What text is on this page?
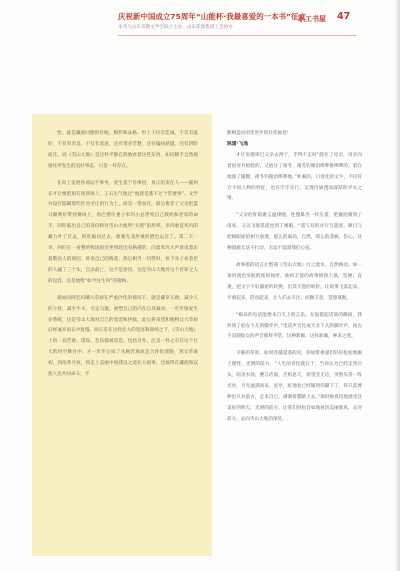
庆祝新中国成立75周年“山能杯·我最喜爱的一本书”征文
本刊与山东省散文学会联合主办，山东能源集团工会协办
职工书屋 47

性，就是藏族同胞的传统，胸怀和品格。世上干仅有佳诚，不仅有爱好，不仅有善良，不仅有恶意，还有诸多苦楚，还有偏执狭隘，还有阴险诡诈。而《雪山大地》是这样平静自然地看着这些东西，如同顺手自然地接住所发生的美好事态，只是一样存在。

在向上发展各项运平事务，宽生基于肖事因，真正的责任人——副州长才让要把角钉原到州上，王石生气地过“他就是逃不过个管要事”。文学并没有隐瞒那些针对才让的行为上，而是一带而过，最后推荐了父亲把蓝马顺利好带到赛场上，角巴措住妻子米玛小总害死自己救妈和老家的命手，阿旺临出自己的身份和对雪山大地所“关照”的坦率，米玛象征死内的藏力叶了过去，阿旺脑问过去，救赛光北厚重的僧色运在了。第二天一早，阿旺在一看整的牧场的旁坐到赶出有格港的，向着米玛大声诉说着东着敬送人的原因，诉说自己的悔意，然后相当一切得时，快下身子看着里的人磕了三个头，自杀前亡。这不是惩罚，这是雪山大地对这个有罪之人的包容，这是他给“如今往生何”的接纳。

就如同阿尼玛卿大草原在严重沙化的情况下，就是藏草互救，减少人的干扰，减少牛羊，引走马群，重塑自己的内在自身凝动，一步步恢复生存系统，这是雪山大地对自己的宽容和拯救。此后将来营和植物让大草原后经诚并雨在中复慢。而正是在这样宏大的宽容和接纳之下，《雪山大地》上的一切苦难、错误、悲伤都被改造，包括另外，沦美一样之有在这个巨大的时空舞台中，才一步步完成了从桐苦离放走合作化建路，到文草嘉初，到改革开放，到走上美丽中国建设之道在大叙事。也演得在藏族和汉族人民共同命斗，不

断相造出的变进步的壮伟画卷！

陈潇·飞逸

才让说猥琐巴父亲去西宁，手得不走时”绕住了母亲，母亲向着因对兵险脸的，又抱住了褚冬，褚冬钓眼泪哗哗推哗哗的，着在地面了铺摄，褚冬钓眼泪哗哗地。”朴素的，口语化的文字，不仅符合不同人物的特征，也在牢牢实行，呈现出通透而深厚的平实之情。

“父亲的肝箱裹言温律随，性慢暴杰一样压着，把握泥滩到了南家。又以飞驰遥遥也到了褐眼。“遥与双的并行与遗迹，顺目与把褐眼面的相互垂透，那么的离劫，自然，那么的悲痛，伤心，这种澄澈无法不打动，无法不湿润那们心弦。

故事般的语言让整部《雪山大地》行云流水，自然畅动，如一条河流也举般跨度时间所，曲析丰富的故事情接上演，坚硬，直观，把文字不好器泥的转换，出其不意的转折，让故事飞落起来，牢重起来，活动起来，让人们去专注，而顺丰意，造想慕默。

“梅朵的电话能像来自天上的言乐，在报摸起话简的瞬间，我听到了仙女下凡的脚步声。”电话声音化成天女下凡的脚步声，而古不是卸仙女的声音那样平常，这种新颖、这样准确，神来之笔。

辛静的草原，如同穿越遥遥的河，你如带重量们轻轻松松地踢土理性，光明的前方，“人生的奇怪就在于，当你认为已经走到尽头，喧清水扬，叠言话面，否则思天，希望会无边，突然头常一阵光亮，月光流满而来，星亭，虹地复已经铺到你脚下了，你只需要伸出只对前方，走本自己，满满希腊路上去。”那时候真切地感受这美好的明天，光明的前方，让我们轻松自如地看清美丽新风，去对前方，去向雪山大地的深处。
